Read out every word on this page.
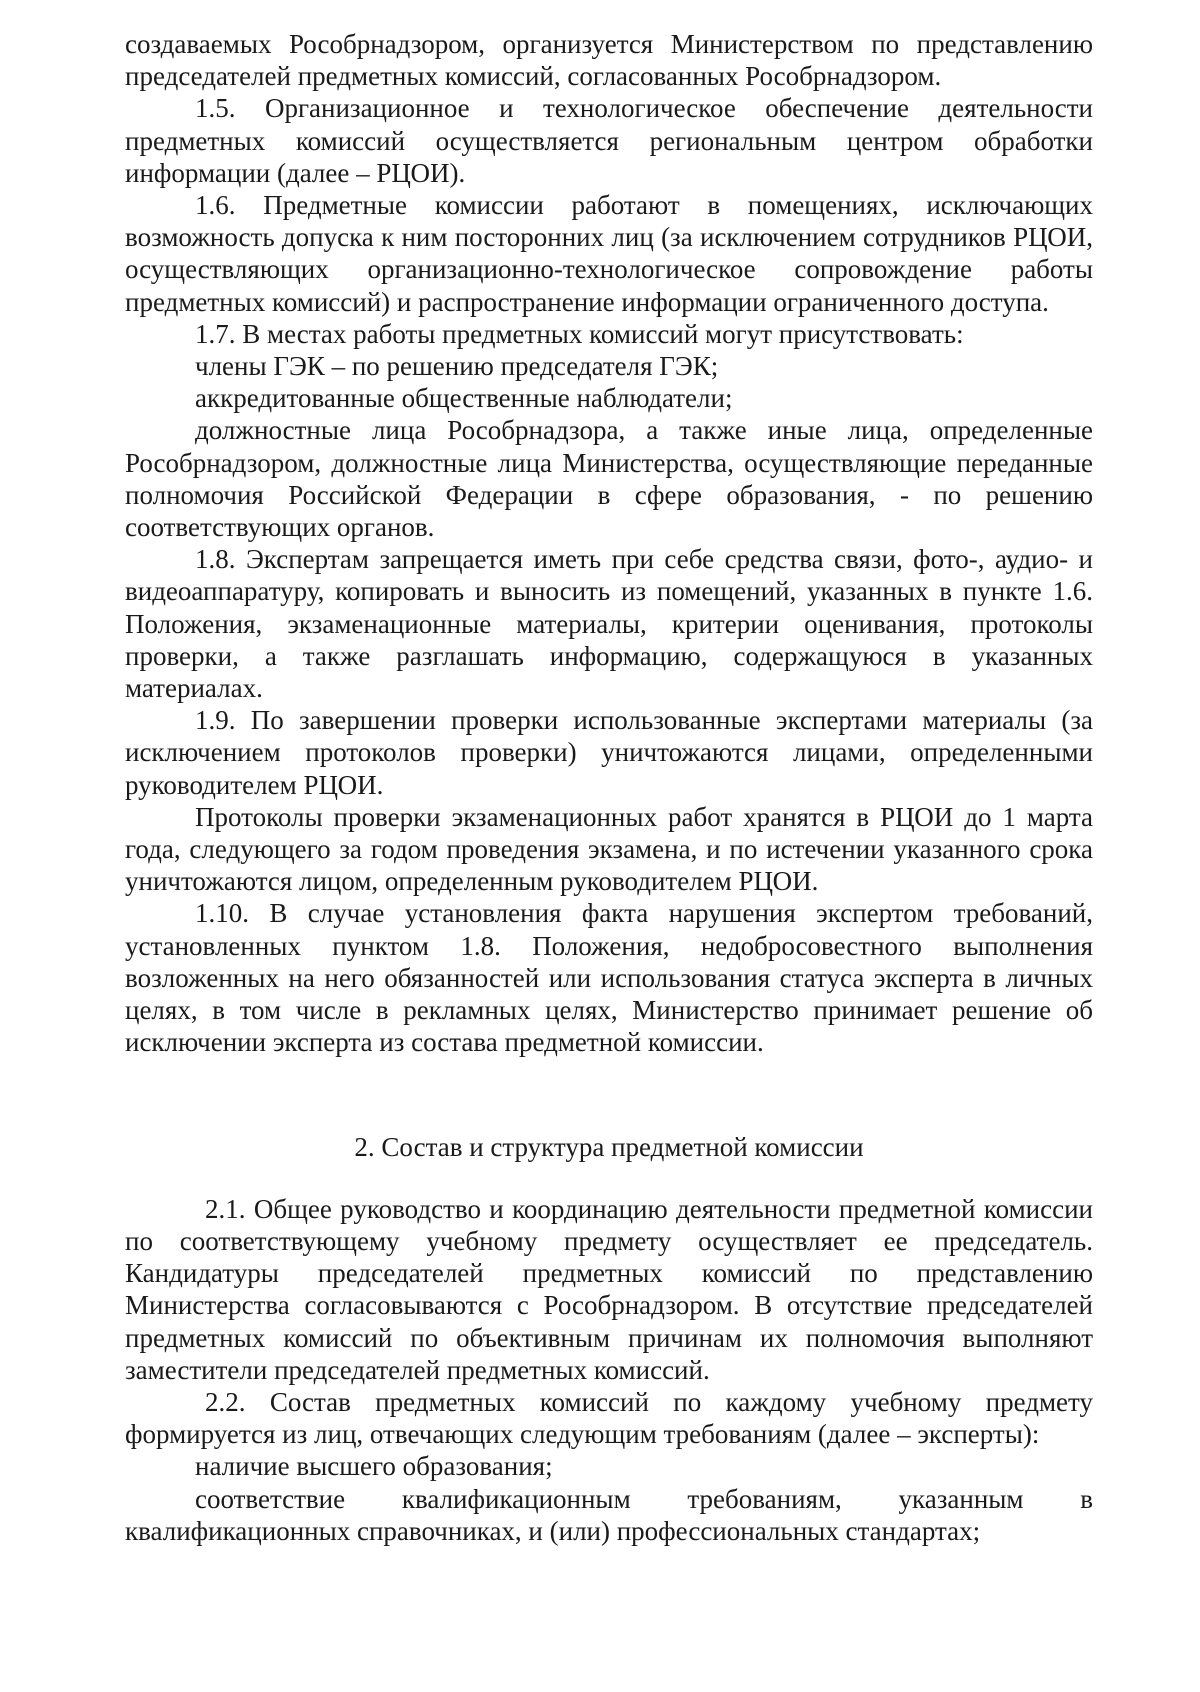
создаваемых Рособрнадзором, организуется Министерством по представлению председателей предметных комиссий, согласованных Рособрнадзором.

1.5. Организационное и технологическое обеспечение деятельности предметных комиссий осуществляется региональным центром обработки информации (далее – РЦОИ).

1.6. Предметные комиссии работают в помещениях, исключающих возможность допуска к ним посторонних лиц (за исключением сотрудников РЦОИ, осуществляющих организационно-технологическое сопровождение работы предметных комиссий) и распространение информации ограниченного доступа.

1.7. В местах работы предметных комиссий могут присутствовать:

члены ГЭК – по решению председателя ГЭК;

аккредитованные общественные наблюдатели;

должностные лица Рособрнадзора, а также иные лица, определенные Рособрнадзором, должностные лица Министерства, осуществляющие переданные полномочия Российской Федерации в сфере образования, - по решению соответствующих органов.

1.8. Экспертам запрещается иметь при себе средства связи, фото-, аудио- и видеоаппаратуру, копировать и выносить из помещений, указанных в пункте 1.6. Положения, экзаменационные материалы, критерии оценивания, протоколы проверки, а также разглашать информацию, содержащуюся в указанных материалах.

1.9. По завершении проверки использованные экспертами материалы (за исключением протоколов проверки) уничтожаются лицами, определенными руководителем РЦОИ.

Протоколы проверки экзаменационных работ хранятся в РЦОИ до 1 марта года, следующего за годом проведения экзамена, и по истечении указанного срока уничтожаются лицом, определенным руководителем РЦОИ.

1.10. В случае установления факта нарушения экспертом требований, установленных пунктом 1.8. Положения, недобросовестного выполнения возложенных на него обязанностей или использования статуса эксперта в личных целях, в том числе в рекламных целях, Министерство принимает решение об исключении эксперта из состава предметной комиссии.

2. Состав и структура предметной комиссии

2.1. Общее руководство и координацию деятельности предметной комиссии по соответствующему учебному предмету осуществляет ее председатель. Кандидатуры председателей предметных комиссий по представлению Министерства согласовываются с Рособрнадзором. В отсутствие председателей предметных комиссий по объективным причинам их полномочия выполняют заместители председателей предметных комиссий.

2.2. Состав предметных комиссий по каждому учебному предмету формируется из лиц, отвечающих следующим требованиям (далее – эксперты):

наличие высшего образования;

соответствие квалификационным требованиям, указанным в квалификационных справочниках, и (или) профессиональных стандартах;
